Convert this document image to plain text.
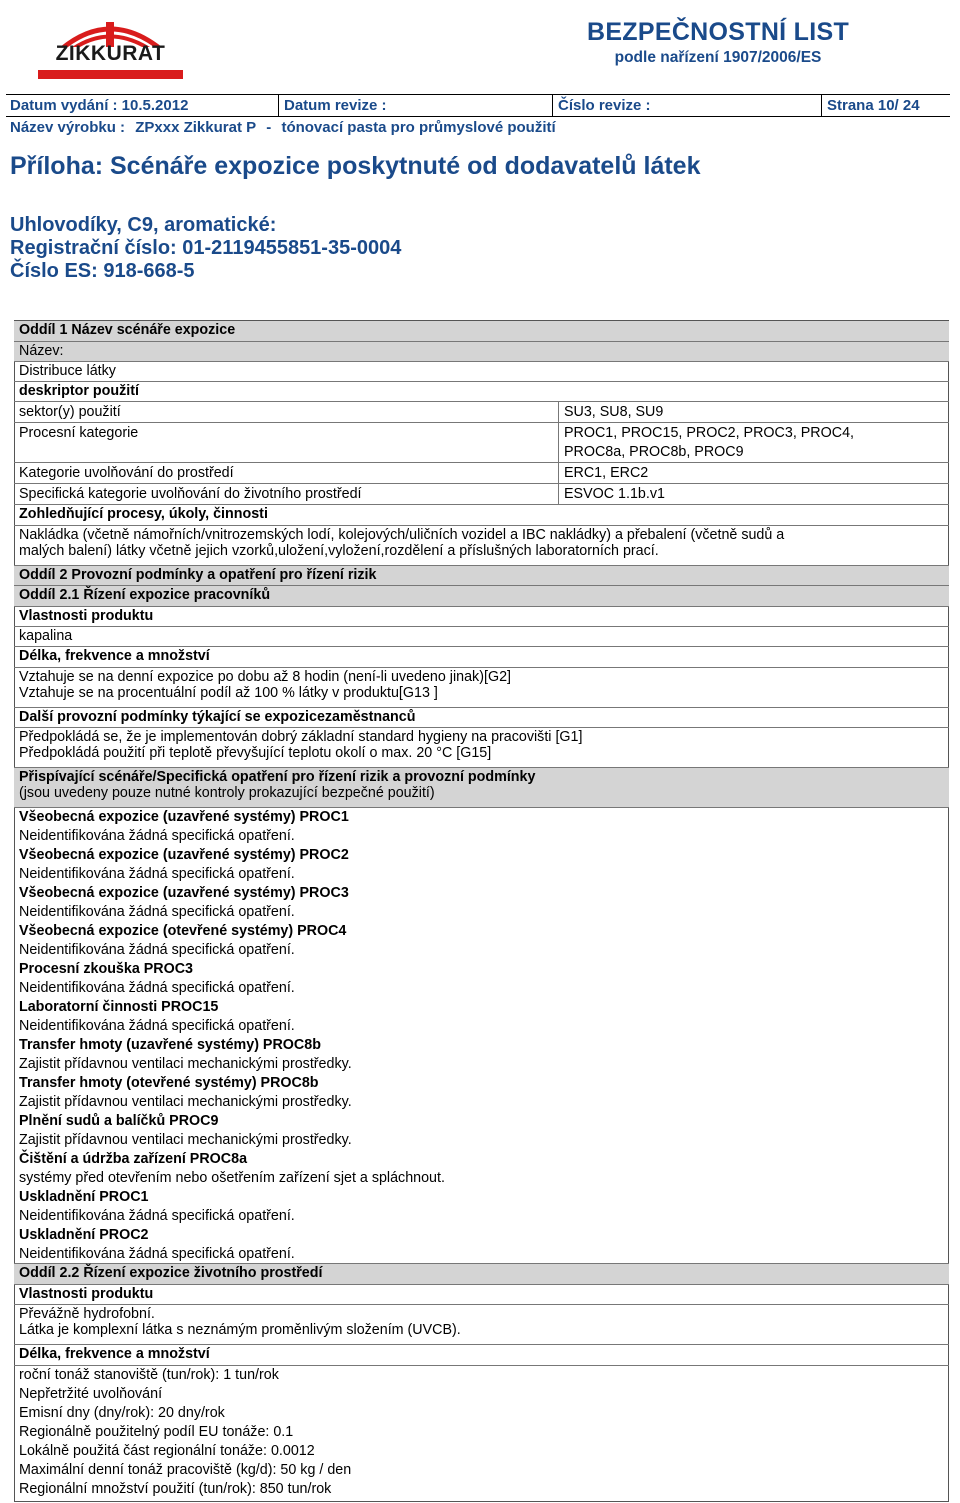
ZIKKURAT
BEZPEČNOSTNÍ LIST
podle nařízení 1907/2006/ES
Datum vydání : 10.5.2012	Datum revize :	Číslo revize :	Strana 10/ 24
Název výrobku : ZPxxx Zikkurat P - tónovací pasta pro průmyslové použití
Příloha: Scénáře expozice poskytnuté od dodavatelů látek
Uhlovodíky, C9, aromatické:
Registrační číslo: 01-2119455851-35-0004
Číslo ES: 918-668-5
Oddíl 1 Název scénáře expozice
Název:
Distribuce látky
deskriptor použití
sektor(y) použití	SU3, SU8, SU9
Procesní kategorie	PROC1, PROC15, PROC2, PROC3, PROC4,
PROC8a, PROC8b, PROC9
Kategorie uvolňování do prostředí	ERC1, ERC2
Specifická kategorie uvolňování do životního prostředí	ESVOC 1.1b.v1
Zohledňující procesy, úkoly, činnosti
Nakládka (včetně námořních/vnitrozemských lodí, kolejových/uličních vozidel a IBC nakládky) a přebalení (včetně sudů a
malých balení) látky včetně jejich vzorků,uložení,vyložení,rozdělení a příslušných laboratorních prací.
Oddíl 2 Provozní podmínky a opatření pro řízení rizik
Oddíl 2.1 Řízení expozice pracovníků
Vlastnosti produktu
kapalina
Délka, frekvence a množství
Vztahuje se na denní expozice po dobu až 8 hodin (není-li uvedeno jinak)[G2]
Vztahuje se na procentuální podíl až 100 % látky v produktu[G13 ]
Další provozní podmínky týkající se expozicezaměstnanců
Předpokládá se, že je implementován dobrý základní standard hygieny na pracovišti [G1]
Předpokládá použití při teplotě převyšující teplotu okolí o max. 20 °C [G15]
Přispívající scénáře/Specifická opatření pro řízení rizik a provozní podmínky
(jsou uvedeny pouze nutné kontroly prokazující bezpečné použití)
Všeobecná expozice (uzavřené systémy) PROC1
Neidentifikována žádná specifická opatření.
Všeobecná expozice (uzavřené systémy) PROC2
Neidentifikována žádná specifická opatření.
Všeobecná expozice (uzavřené systémy) PROC3
Neidentifikována žádná specifická opatření.
Všeobecná expozice (otevřené systémy) PROC4
Neidentifikována žádná specifická opatření.
Procesní zkouška PROC3
Neidentifikována žádná specifická opatření.
Laboratorní činnosti PROC15
Neidentifikována žádná specifická opatření.
Transfer hmoty (uzavřené systémy) PROC8b
Zajistit přídavnou ventilaci mechanickými prostředky.
Transfer hmoty (otevřené systémy) PROC8b
Zajistit přídavnou ventilaci mechanickými prostředky.
Plnění sudů a balíčků PROC9
Zajistit přídavnou ventilaci mechanickými prostředky.
Čištění a údržba zařízení PROC8a
systémy před otevřením nebo ošetřením zařízení sjet a spláchnout.
Uskladnění PROC1
Neidentifikována žádná specifická opatření.
Uskladnění PROC2
Neidentifikována žádná specifická opatření.
Oddíl 2.2 Řízení expozice životního prostředí
Vlastnosti produktu
Převážně hydrofobní.
Látka je komplexní látka s neznámým proměnlivým složením (UVCB).
Délka, frekvence a množství
roční tonáž stanoviště (tun/rok): 1 tun/rok
Nepřetržité uvolňování
Emisní dny (dny/rok): 20 dny/rok
Regionálně použitelný podíl EU tonáže: 0.1
Lokálně použitá část regionální tonáže: 0.0012
Maximální denní tonáž pracoviště (kg/d): 50 kg / den
Regionální množství použití (tun/rok): 850 tun/rok
